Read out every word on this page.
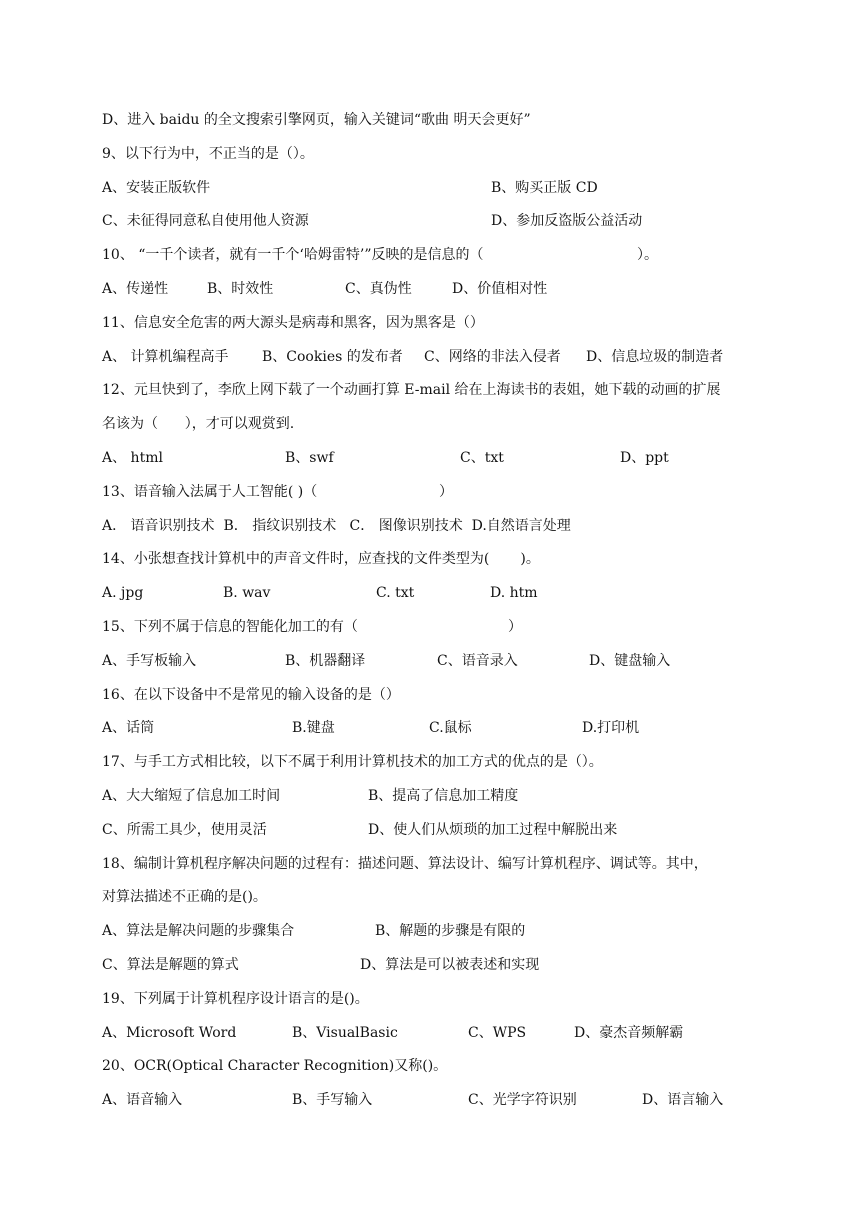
D、进入 baidu 的全文搜索引擎网页，输入关键词“歌曲 明天会更好”
9、以下行为中，不正当的是（）。
A、安装正版软件	B、购买正版 CD
C、未征得同意私自使用他人资源	D、参加反盗版公益活动
10、 “一千个读者，就有一千个‘哈姆雷特’”反映的是信息的（	）。
A、传递性	B、时效性	C、真伪性	D、价值相对性
11、信息安全危害的两大源头是病毒和黑客，因为黑客是（）
A、 计算机编程高手 B、Cookies 的发布者 C、网络的非法入侵者 D、信息垃圾的制造者
12、元旦快到了，李欣上网下载了一个动画打算 E-mail 给在上海读书的表姐，她下载的动画的扩展
名该为（      ），才可以观赏到.
A、 html	B、swf	C、txt	D、ppt
13、语音输入法属于人工智能( )（	）
A． 语音识别技术  B． 指纹识别技术   C． 图像识别技术  D.自然语言处理
14、小张想查找计算机中的声音文件时，应查找的文件类型为(       )。
A. jpg	B. wav	C. txt	D. htm
15、下列不属于信息的智能化加工的有（	）
A、手写板输入	B、机器翻译	C、语音录入	D、键盘输入
16、在以下设备中不是常见的输入设备的是（）
A、话筒	B.键盘	C.鼠标	D.打印机
17、与手工方式相比较，以下不属于利用计算机技术的加工方式的优点的是（）。
A、大大缩短了信息加工时间	B、提高了信息加工精度
C、所需工具少，使用灵活	D、使人们从烦琐的加工过程中解脱出来
18、编制计算机程序解决问题的过程有：描述问题、算法设计、编写计算机程序、调试等。其中，
对算法描述不正确的是()。
A、算法是解决问题的步骤集合	B、解题的步骤是有限的
C、算法是解题的算式	D、算法是可以被表述和实现
19、下列属于计算机程序设计语言的是()。
A、Microsoft Word	B、VisualBasic	C、WPS	D、豪杰音频解霸
20、OCR(Optical Character Recognition)又称()。
A、语音输入	B、手写输入	C、光学字符识别	D、语言输入
